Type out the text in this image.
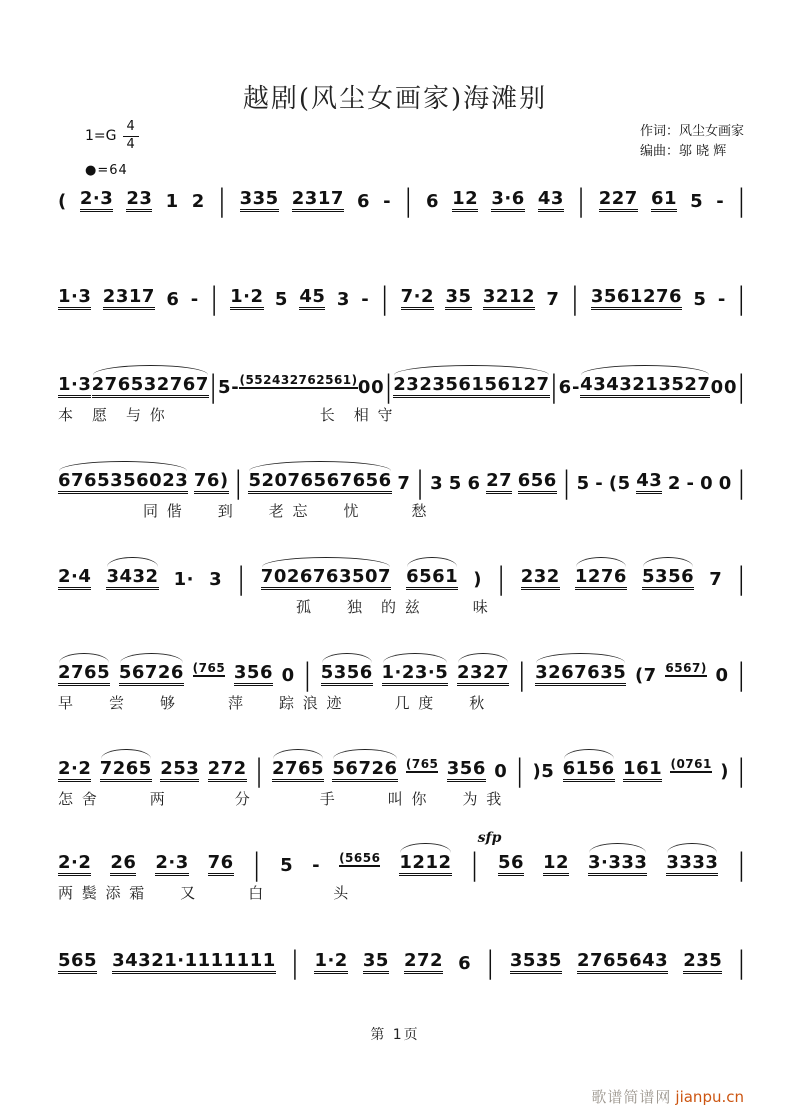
越剧(风尘女画家)海滩别
$1=G \frac{4}{4}$
●=64
作词：风尘女画家
编曲：邬 晓 辉
( 2·3 23 1 2 | 335 2317 6 - | 6 12 3·6 43 | 227 61 5 - |
1·3 2317 6 - | 1·2 5 45 3 - | 7·2 35 3212 7 | 3561276 5 - |
1·3 276532767 | 5 - (552432762561) 0 0 | 232356156127 | 6 - 4343213527 0 0 |
本　愿　与 你　　　　　　　　　长　相 守
6765356023 76) | 52076567656 7 | 3 5 6 27 656 | 5 - (5 43 2 - 0 0 |
　　　　　同 偕　　到　　老 忘　　忧　　　愁
2·4 3432 1· 3 | 7026763507 6561 ) | 232 1276 5356 7 |
　　　　　　　　　　　　　　孤　　独　的 兹　　　味
2765 56726 (765 356 0 | 5356 1·23·5 2327 | 3267635 (7 6567) 0 |
早　　尝　　够　　　萍　　踪 浪 迹　　　几 度　　秋
2·2 7265 253 272 | 2765 56726 (765 356 0 | )5 6156 161 (0761 ) |
怎 舍　　　两　　　　分　　　　手　　　叫 你　　为 我
sfp
2·2 26 2·3 76 | 5 - (5656 1212 | 56 12 3·333 3333 |
两 鬓 添 霜　　又　　　白　　　　头
565 34321·1111111 | 1·2 35 272 6 | 3535 2765643 235 |
第 1页
歌谱简谱网 jianpu.cn
